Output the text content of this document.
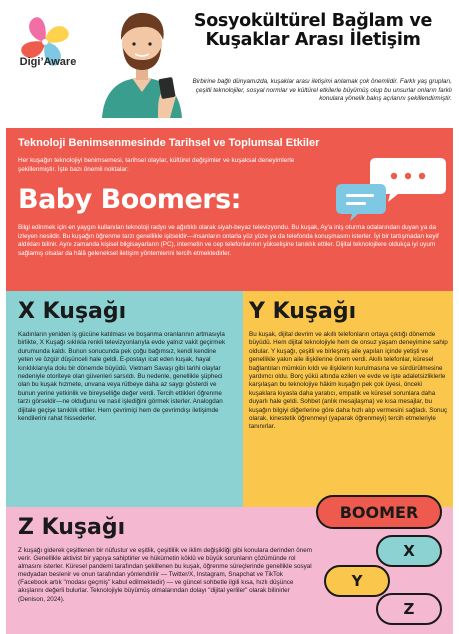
Digi’Aware
Sosyokültürel Bağlam ve Kuşaklar Arası İletişim
Birbirine bağlı dünyamızda, kuşaklar arası iletişimi anlamak çok önemlidir. Farklı yaş grupları, çeşitli teknolojiler, sosyal normlar ve kültürel etkilerle büyümüş olup bu unsurlar onların farklı konulara yönelik bakış açılarını şekillendirmiştir.
Teknoloji Benimsenmesinde Tarihsel ve Toplumsal Etkiler
Her kuşağın teknolojiyi benimsemesi, tarihsel olaylar, kültürel değişimler ve kuşaksal deneyimlerle şekillenmiştir. İşte bazı önemli noktalar:
Baby Boomers:
Bilgi edinmek için en yaygın kullanılan teknoloji radyo ve ağırlıklı olarak siyah-beyaz televizyondu. Bu kuşak, Ay'a iniş oturma odalarından duyan ya da izleyen nesildir. Bu kuşağın öğrenme tarzı genellikle işitseldir—insanların onlarla yüz yüze ya da telefonda konuşmasını isterler. İyi bir tartışmadan keyif aldıkları bilinir. Aynı zamanda kişisel bilgisayarların (PC), internetin ve cep telefonlarının yükselişine tanıklık ettiler. Dijital teknolojilere oldukça iyi uyum sağlamış olsalar da hâlâ geleneksel iletişim yöntemlerini tercih etmektedirler.
X Kuşağı
Kadınların yeniden iş gücüne katılması ve boşanma oranlarının artmasıyla birlikte, X Kuşağı sıklıkla renkli televizyonlarıyla evde yalnız vakit geçirmek durumunda kaldı. Bunun sonucunda pek çoğu bağımsız, kendi kendine yeten ve özgür düşünceli hale geldi. E-postayı icat eden kuşak, hayal kırıklıklarıyla dolu bir dönemde büyüdü. Vietnam Savaşı gibi tarihi olaylar nedeniyle otoriteye olan güvenleri sarsıldı. Bu nedenle, genellikle şüpheci olan bu kuşak hızmete, unvana veya rütbeye daha az saygı gösterdi ve bunun yerine yetkinlik ve bireyselliğe değer verdi. Tercih ettikleri öğrenme tarzı görseldir—ne olduğunu ve nasıl işlediğini görmek isterler. Analogdan dijitale geçişe tanıklık ettiler. Hem çevrimiçi hem de çevrimdışı iletişimde kendilerini rahat hissederler.
Y Kuşağı
Bu kuşak, dijital devrim ve akıllı telefonların ortaya çıktığı dönemde büyüdü. Hem dijital teknolojiyle hem de onsuz yaşam deneyimine sahip oldular. Y kuşağı, çeşitli ve birleşmiş aile yapıları içinde yetişti ve genellikle yakın aile ilişkilerine önem verdi. Akıllı telefonlar, küresel bağlantıları mümkün kıldı ve ilişkilerin kurulmasına ve sürdürülmesine yardımcı oldu. Borç yükü altında ezilen ve evde ve işte adaletsizliklerle karşılaşan bu teknolojiye hâkim kuşağın pek çok üyesi, önceki kuşaklara kıyasla daha yaratıcı, empatik ve küresel sorunlara daha duyarlı hale geldi. Sohbet (anlık mesajlaşma) ve kısa mesajlar, bu kuşağın bilgiyi diğerlerine göre daha hızlı alıp vermesini sağladı. Sonuç olarak, kinestetik öğrenmeyi (yaparak öğrenmeyi) tercih etmeleriyle tanınırlar.
Z Kuşağı
Z kuşağı giderek çeşitlenen bir nüfustur ve eşitlik, çeşitlilik ve iklim değişikliği gibi konulara derinden önem verir. Genellikle aktivist bir yapıya sahiptirler ve hükümetin köklü ve büyük sorunların çözümünde rol almasını isterler. Küresel pandemi tarafından şekillenen bu kuşak, öğrenme süreçlerinde genellikle sosyal medyadan beslenir ve onun tarafından yönlendirilir — Twitter/X, Instagram, Snapchat ve TikTok (Facebook artık "modası geçmiş" kabul edilmektedir) — ve güncel sohbetle ilgili kısa, hızlı düşünce akışlarını değerli bulurlar. Teknolojiyle büyümüş olmalarından dolayı "dijital yerliler" olarak bilinirler (Denison, 2024).
BOOMER
X
Y
Z
